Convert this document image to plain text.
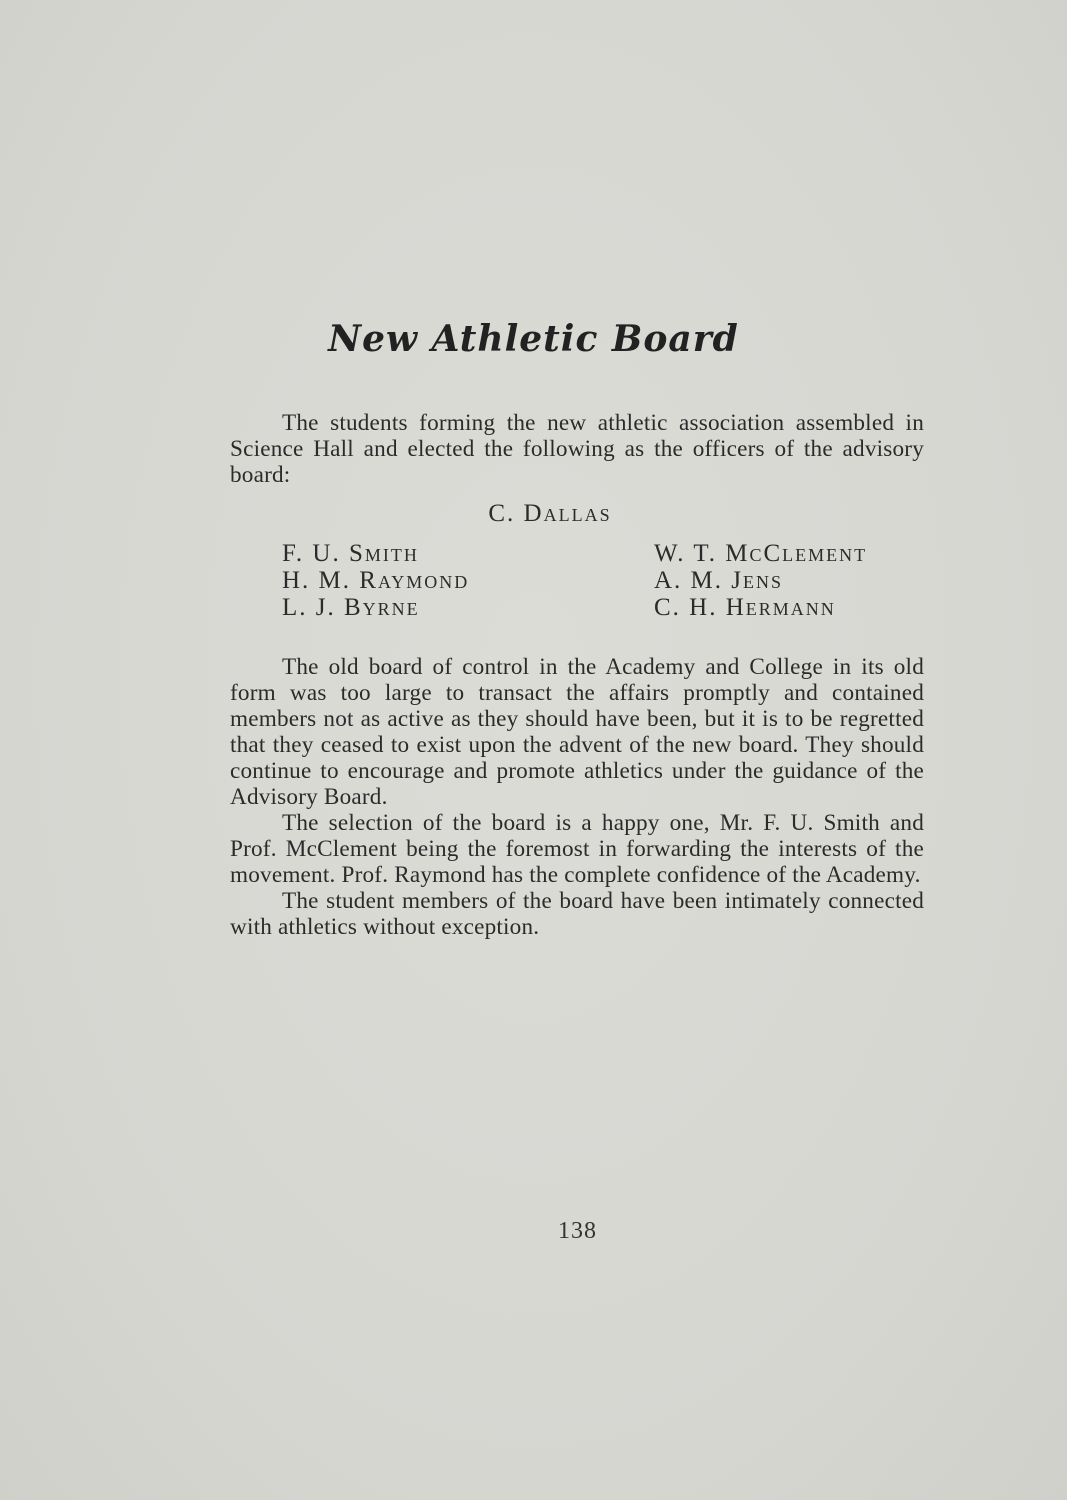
New Athletic Board

The students forming the new athletic association assembled in Science Hall and elected the following as the officers of the advisory board:

C. Dallas
F. U. Smith
H. M. Raymond
L. J. Byrne
W. T. McClement
A. M. Jens
C. H. Hermann

The old board of control in the Academy and College in its old form was too large to transact the affairs promptly and contained members not as active as they should have been, but it is to be regretted that they ceased to exist upon the advent of the new board. They should continue to encourage and promote athletics under the guidance of the Advisory Board.

The selection of the board is a happy one, Mr. F. U. Smith and Prof. McClement being the foremost in forwarding the interests of the movement. Prof. Raymond has the complete confidence of the Academy.

The student members of the board have been intimately connected with athletics without exception.

138
